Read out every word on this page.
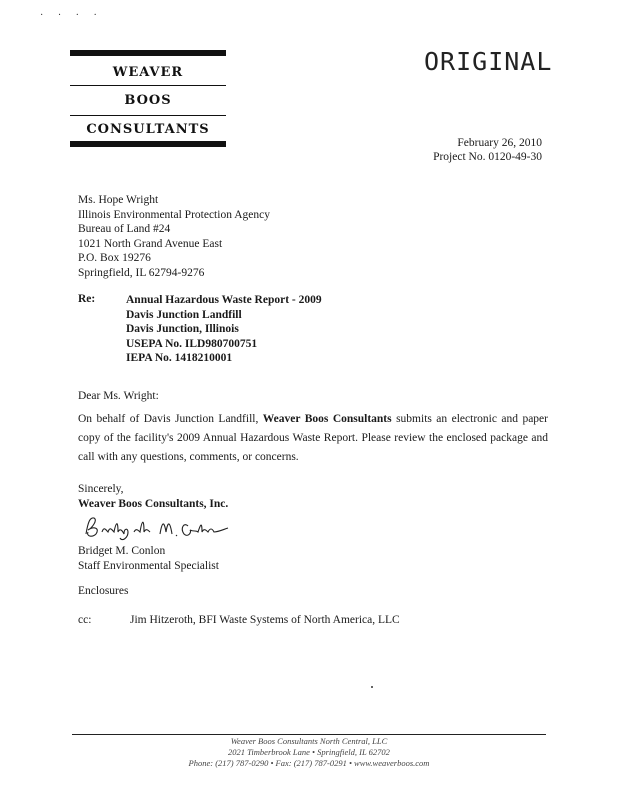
· · · ·
WEAVER
BOOS
CONSULTANTS
ORIGINAL
February 26, 2010
Project No. 0120-49-30
Ms. Hope Wright
Illinois Environmental Protection Agency
Bureau of Land #24
1021 North Grand Avenue East
P.O. Box 19276
Springfield, IL 62794-9276
Re:	Annual Hazardous Waste Report - 2009
Davis Junction Landfill
Davis Junction, Illinois
USEPA No. ILD980700751
IEPA No. 1418210001
Dear Ms. Wright:
On behalf of Davis Junction Landfill, Weaver Boos Consultants submits an electronic and paper copy of the facility's 2009 Annual Hazardous Waste Report. Please review the enclosed package and call with any questions, comments, or concerns.
Sincerely,
Weaver Boos Consultants, Inc.
Bridget M. Conlon
Staff Environmental Specialist
Enclosures
cc:	Jim Hitzeroth, BFI Waste Systems of North America, LLC
Weaver Boos Consultants North Central, LLC
2021 Timberbrook Lane • Springfield, IL 62702
Phone: (217) 787-0290 • Fax: (217) 787-0291 • www.weaverboos.com
